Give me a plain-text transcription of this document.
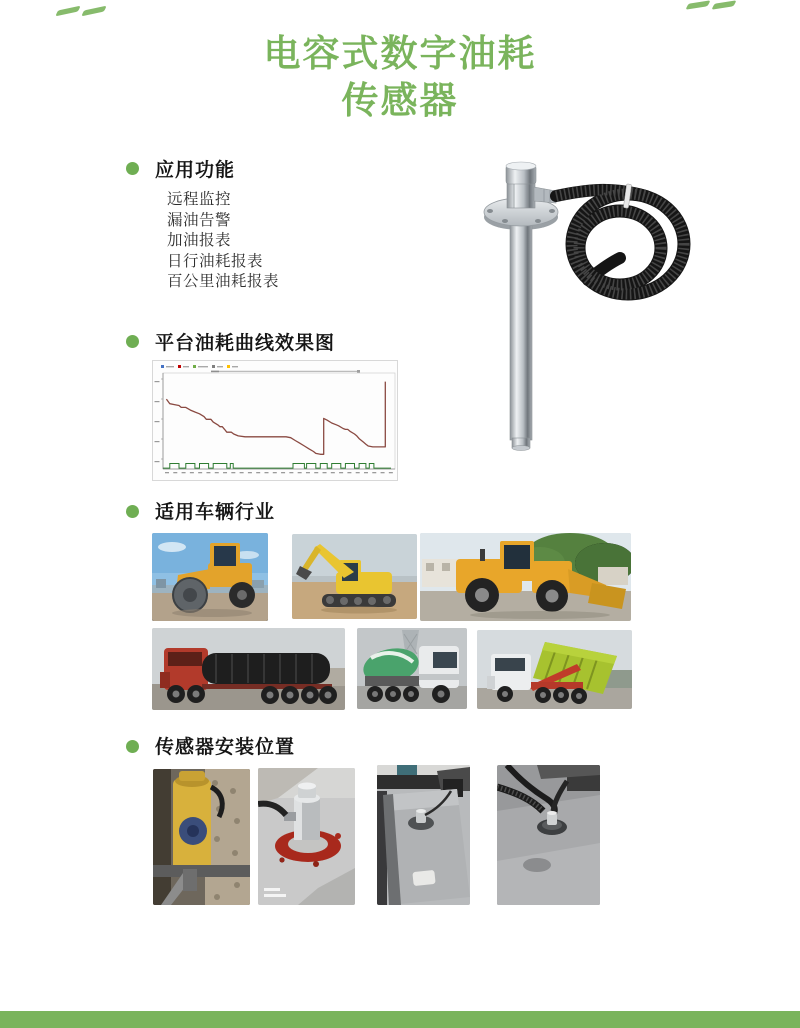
电容式数字油耗
传感器
应用功能
远程监控
漏油告警
加油报表
日行油耗报表
百公里油耗报表
平台油耗曲线效果图
适用车辆行业
传感器安装位置
